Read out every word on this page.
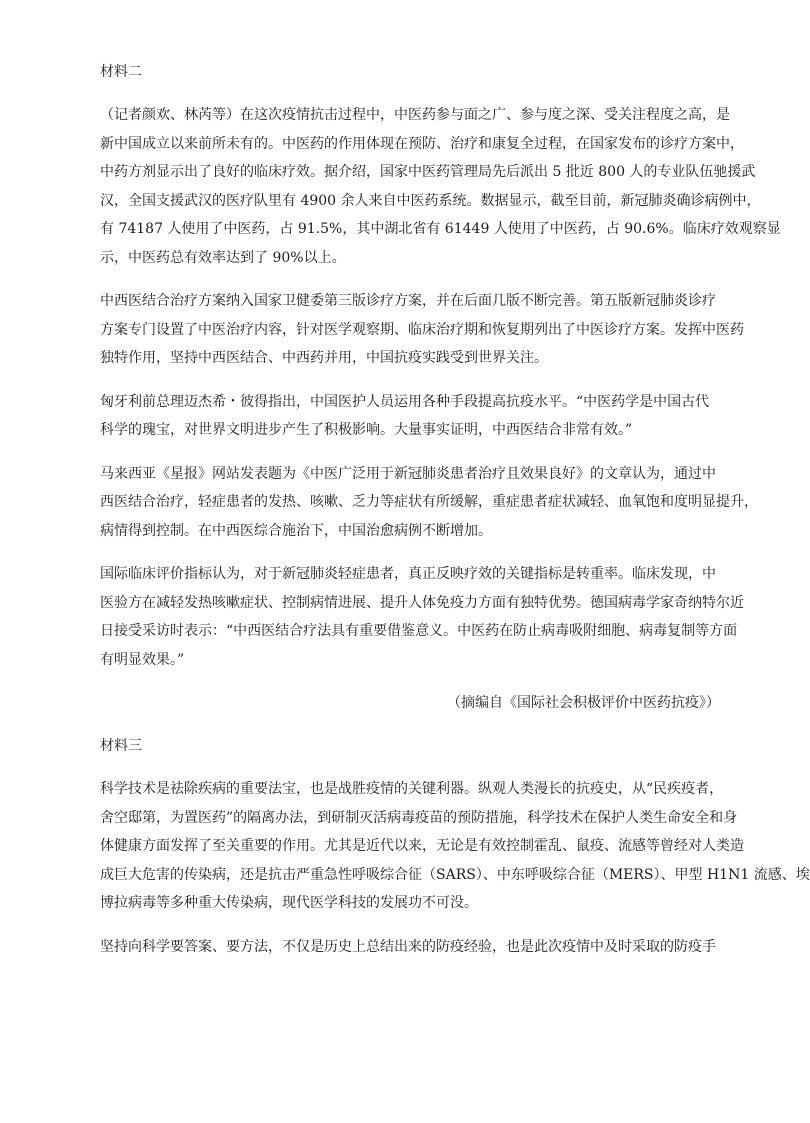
材料二
（记者颜欢、林芮等）在这次疫情抗击过程中，中医药参与面之广、参与度之深、受关注程度之高，是
新中国成立以来前所未有的。中医药的作用体现在预防、治疗和康复全过程，在国家发布的诊疗方案中，
中药方剂显示出了良好的临床疗效。据介绍，国家中医药管理局先后派出 5 批近 800 人的专业队伍驰援武
汉，全国支援武汉的医疗队里有 4900 余人来自中医药系统。数据显示，截至目前，新冠肺炎确诊病例中，
有 74187 人使用了中医药，占 91.5%，其中湖北省有 61449 人使用了中医药，占 90.6%。临床疗效观察显
示，中医药总有效率达到了 90%以上。
中西医结合治疗方案纳入国家卫健委第三版诊疗方案，并在后面几版不断完善。第五版新冠肺炎诊疗
方案专门设置了中医治疗内容，针对医学观察期、临床治疗期和恢复期列出了中医诊疗方案。发挥中医药
独特作用，坚持中西医结合、中西药并用，中国抗疫实践受到世界关注。
匈牙利前总理迈杰希・彼得指出，中国医护人员运用各种手段提高抗疫水平。“中医药学是中国古代
科学的瑰宝，对世界文明进步产生了积极影响。大量事实证明，中西医结合非常有效。”
马来西亚《星报》网站发表题为《中医广泛用于新冠肺炎患者治疗且效果良好》的文章认为，通过中
西医结合治疗，轻症患者的发热、咳嗽、乏力等症状有所缓解，重症患者症状减轻、血氧饱和度明显提升，
病情得到控制。在中西医综合施治下，中国治愈病例不断增加。
国际临床评价指标认为，对于新冠肺炎轻症患者，真正反映疗效的关键指标是转重率。临床发现，中
医验方在减轻发热咳嗽症状、控制病情进展、提升人体免疫力方面有独特优势。德国病毒学家奇纳特尔近
日接受采访时表示：“中西医结合疗法具有重要借鉴意义。中医药在防止病毒吸附细胞、病毒复制等方面
有明显效果。”
（摘编自《国际社会积极评价中医药抗疫》）
材料三
科学技术是祛除疾病的重要法宝，也是战胜疫情的关键利器。纵观人类漫长的抗疫史，从“民疾疫者，
舍空邸第，为置医药”的隔离办法，到研制灭活病毒疫苗的预防措施，科学技术在保护人类生命安全和身
体健康方面发挥了至关重要的作用。尤其是近代以来，无论是有效控制霍乱、鼠疫、流感等曾经对人类造
成巨大危害的传染病，还是抗击严重急性呼吸综合征（SARS）、中东呼吸综合征（MERS）、甲型 H1N1 流感、埃
博拉病毒等多种重大传染病，现代医学科技的发展功不可没。
坚持向科学要答案、要方法，不仅是历史上总结出来的防疫经验，也是此次疫情中及时采取的防疫手
